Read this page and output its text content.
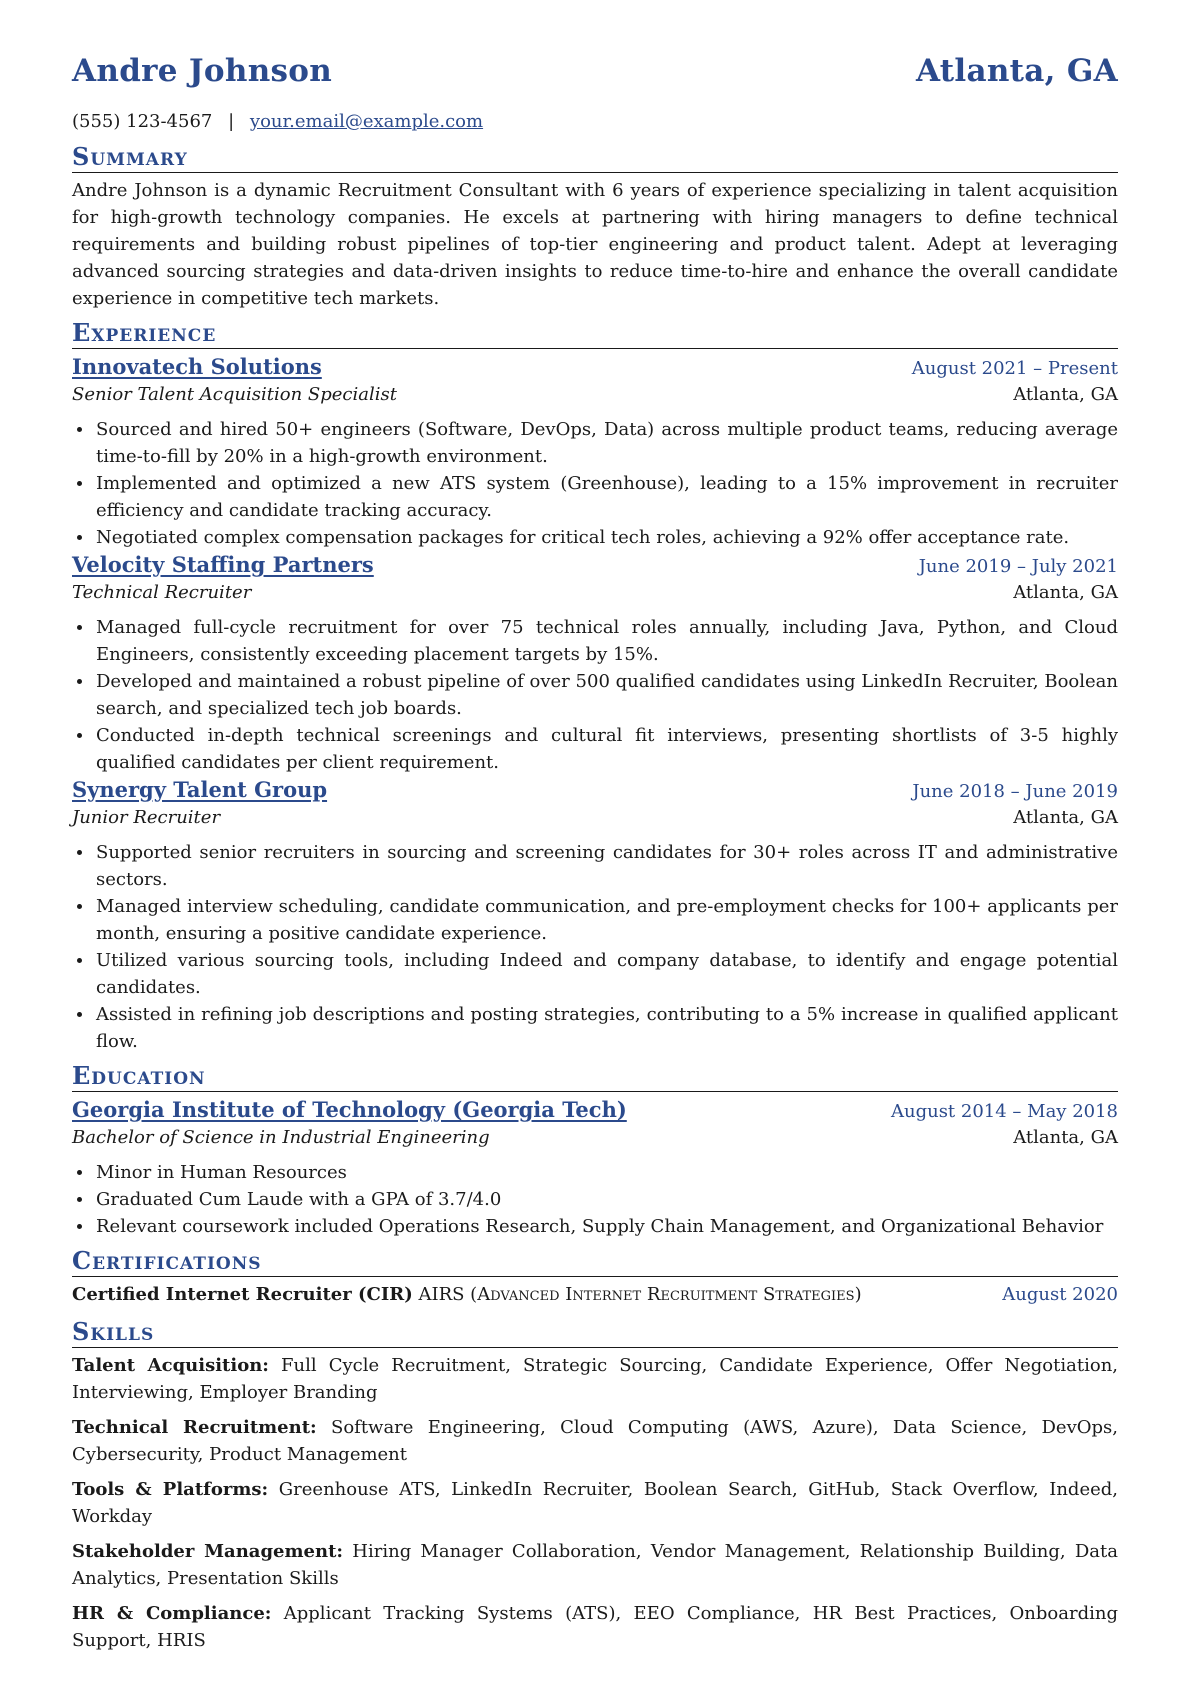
Andre Johnson	Atlanta, GA
(555) 123-4567 | your.email@example.com
Summary

Andre Johnson is a dynamic Recruitment Consultant with 6 years of experience specializing in talent acquisition for high-growth technology companies. He excels at partnering with hiring managers to define technical requirements and building robust pipelines of top-tier engineering and product talent. Adept at leveraging advanced sourcing strategies and data-driven insights to reduce time-to-hire and enhance the overall candidate experience in competitive tech markets.

Experience
Innovatech Solutions	August 2021 – Present
Senior Talent Acquisition Specialist	Atlanta, GA
• Sourced and hired 50+ engineers (Software, DevOps, Data) across multiple product teams, reducing average time-to-fill by 20% in a high-growth environment.
• Implemented and optimized a new ATS system (Greenhouse), leading to a 15% improvement in recruiter efficiency and candidate tracking accuracy.
• Negotiated complex compensation packages for critical tech roles, achieving a 92% offer acceptance rate.
Velocity Staffing Partners	June 2019 – July 2021
Technical Recruiter	Atlanta, GA
• Managed full-cycle recruitment for over 75 technical roles annually, including Java, Python, and Cloud Engineers, consistently exceeding placement targets by 15%.
• Developed and maintained a robust pipeline of over 500 qualified candidates using LinkedIn Recruiter, Boolean search, and specialized tech job boards.
• Conducted in-depth technical screenings and cultural fit interviews, presenting shortlists of 3-5 highly qualified candidates per client requirement.
Synergy Talent Group	June 2018 – June 2019
Junior Recruiter	Atlanta, GA
• Supported senior recruiters in sourcing and screening candidates for 30+ roles across IT and administrative sectors.
• Managed interview scheduling, candidate communication, and pre-employment checks for 100+ applicants per month, ensuring a positive candidate experience.
• Utilized various sourcing tools, including Indeed and company database, to identify and engage potential candidates.
• Assisted in refining job descriptions and posting strategies, contributing to a 5% increase in qualified applicant flow.
Education
Georgia Institute of Technology (Georgia Tech)	August 2014 – May 2018
Bachelor of Science in Industrial Engineering	Atlanta, GA
• Minor in Human Resources
• Graduated Cum Laude with a GPA of 3.7/4.0
• Relevant coursework included Operations Research, Supply Chain Management, and Organizational Behavior
Certifications
Certified Internet Recruiter (CIR) AIRS (Advanced Internet Recruitment Strategies)	August 2020
Skills

Talent Acquisition: Full Cycle Recruitment, Strategic Sourcing, Candidate Experience, Offer Negotiation, Interviewing, Employer Branding

Technical Recruitment: Software Engineering, Cloud Computing (AWS, Azure), Data Science, DevOps, Cybersecurity, Product Management

Tools & Platforms: Greenhouse ATS, LinkedIn Recruiter, Boolean Search, GitHub, Stack Overflow, Indeed, Workday

Stakeholder Management: Hiring Manager Collaboration, Vendor Management, Relationship Building, Data Analytics, Presentation Skills

HR & Compliance: Applicant Tracking Systems (ATS), EEO Compliance, HR Best Practices, Onboarding Support, HRIS
